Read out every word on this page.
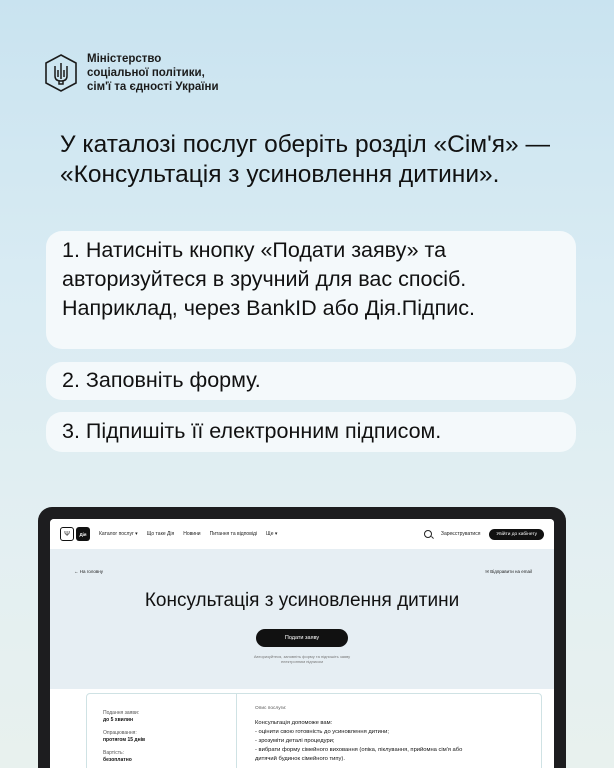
Міністерство
соціальної політики,
сім'ї та єдності України
У каталозі послуг оберіть розділ «Сім'я» — «Консультація з усиновлення дитини».
1. Натисніть кнопку «Подати заяву» та авторизуйтеся в зручний для вас спосіб. Наприклад, через BankID або Дія.Підпис.
2. Заповніть форму.
3. Підпишіть її електронним підписом.
Ψ	Дія	Каталог послуг ▾ Що таке Дія Новини Питання та відповіді Ще ▾	Зареєструватися	Увійти до кабінету
← На головну	✉ Відправити на email
Консультація з усиновлення дитини
Подати заяву
Авторизуйтеся, заповніть форму та підпишіть заяву електронним підписом
Подання заяви:
до 5 хвилин
Опрацювання:
протягом 15 днів
Вартість:
безоплатно
Опис послуги:
Консультація допоможе вам:
- оцінити свою готовність до усиновлення дитини;
- зрозуміти деталі процедури;
- вибрати форму сімейного виховання (опіка, піклування, прийомна сім'я або
дитячий будинок сімейного типу).
